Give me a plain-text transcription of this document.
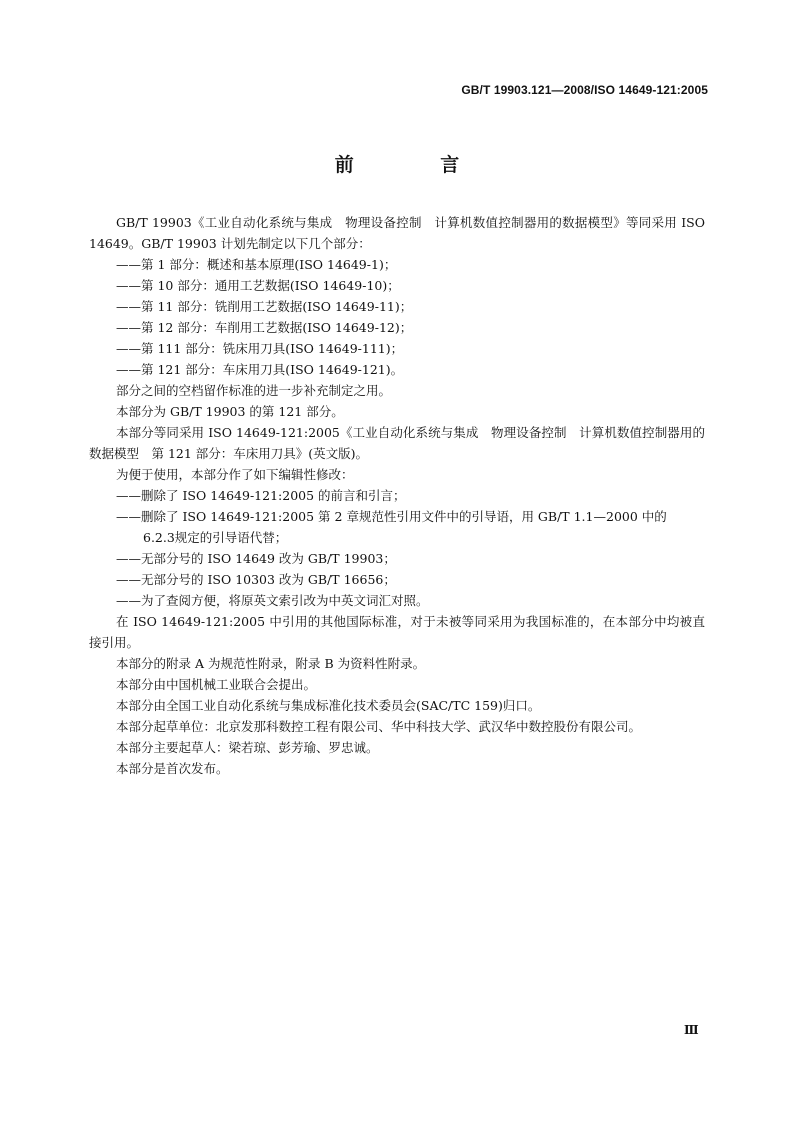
GB/T 19903.121—2008/ISO 14649-121:2005
前 言

GB/T 19903《工业自动化系统与集成　物理设备控制　计算机数值控制器用的数据模型》等同采用 ISO 14649。GB/T 19903 计划先制定以下几个部分：

——第 1 部分：概述和基本原理(ISO 14649-1)；

——第 10 部分：通用工艺数据(ISO 14649-10)；

——第 11 部分：铣削用工艺数据(ISO 14649-11)；

——第 12 部分：车削用工艺数据(ISO 14649-12)；

——第 111 部分：铣床用刀具(ISO 14649-111)；

——第 121 部分：车床用刀具(ISO 14649-121)。

部分之间的空档留作标准的进一步补充制定之用。

本部分为 GB/T 19903 的第 121 部分。

本部分等同采用 ISO 14649-121:2005《工业自动化系统与集成　物理设备控制　计算机数值控制器用的数据模型　第 121 部分：车床用刀具》(英文版)。

为便于使用，本部分作了如下编辑性修改：

——删除了 ISO 14649-121:2005 的前言和引言；

——删除了 ISO 14649-121:2005 第 2 章规范性引用文件中的引导语，用 GB/T 1.1—2000 中的
6.2.3规定的引导语代替；

——无部分号的 ISO 14649 改为 GB/T 19903；

——无部分号的 ISO 10303 改为 GB/T 16656；

——为了查阅方便，将原英文索引改为中英文词汇对照。

在 ISO 14649-121:2005 中引用的其他国际标准，对于未被等同采用为我国标准的，在本部分中均被直接引用。

本部分的附录 A 为规范性附录，附录 B 为资料性附录。

本部分由中国机械工业联合会提出。

本部分由全国工业自动化系统与集成标准化技术委员会(SAC/TC 159)归口。

本部分起草单位：北京发那科数控工程有限公司、华中科技大学、武汉华中数控股份有限公司。

本部分主要起草人：梁若琼、彭芳瑜、罗忠诚。

本部分是首次发布。

Ⅲ
